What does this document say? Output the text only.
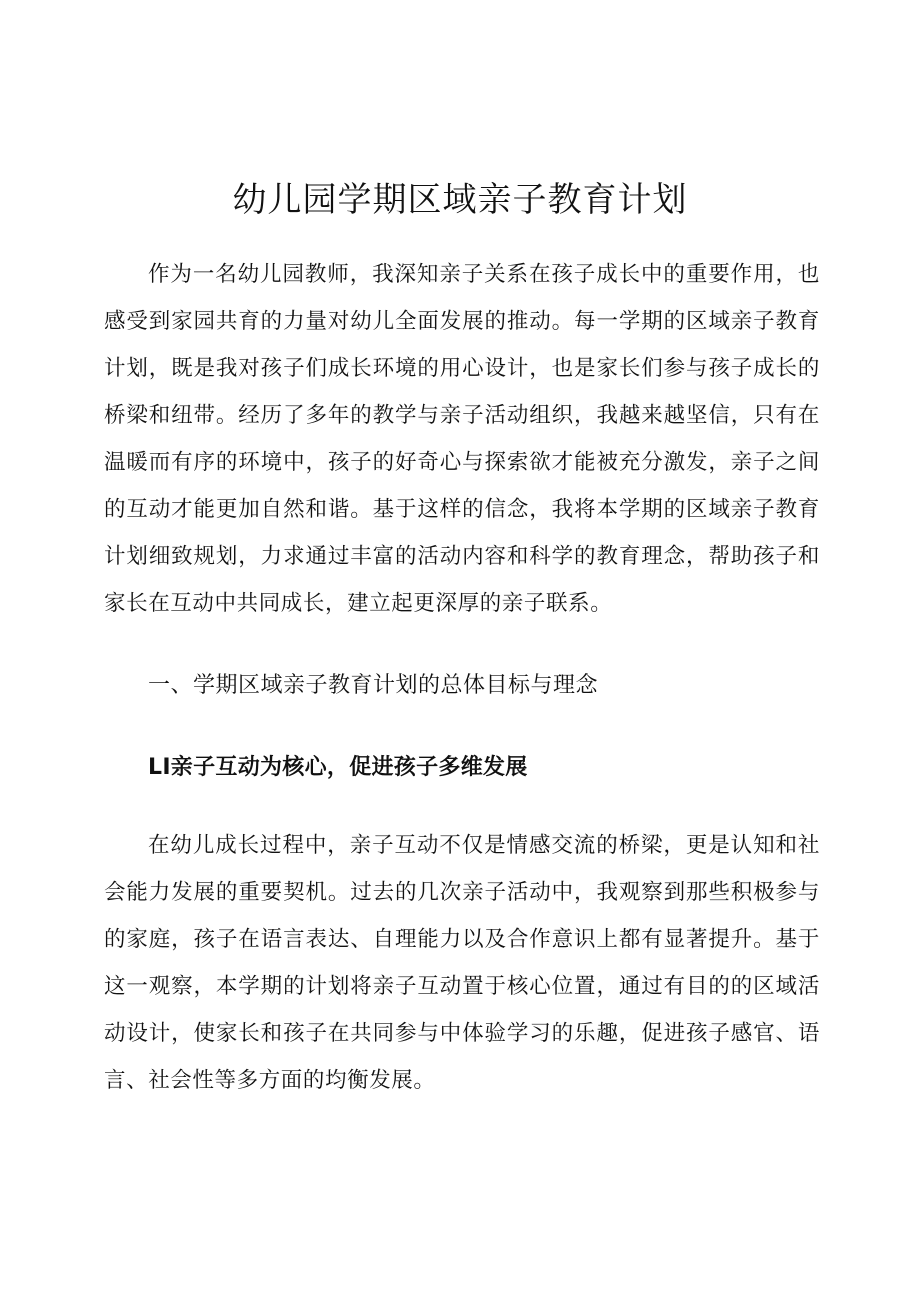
幼儿园学期区域亲子教育计划

作为一名幼儿园教师，我深知亲子关系在孩子成长中的重要作用，也感受到家园共育的力量对幼儿全面发展的推动。每一学期的区域亲子教育计划，既是我对孩子们成长环境的用心设计，也是家长们参与孩子成长的桥梁和纽带。经历了多年的教学与亲子活动组织，我越来越坚信，只有在温暖而有序的环境中，孩子的好奇心与探索欲才能被充分激发，亲子之间的互动才能更加自然和谐。基于这样的信念，我将本学期的区域亲子教育计划细致规划，力求通过丰富的活动内容和科学的教育理念，帮助孩子和家长在互动中共同成长，建立起更深厚的亲子联系。

一、学期区域亲子教育计划的总体目标与理念
LI亲子互动为核心，促进孩子多维发展

在幼儿成长过程中，亲子互动不仅是情感交流的桥梁，更是认知和社会能力发展的重要契机。过去的几次亲子活动中，我观察到那些积极参与的家庭，孩子在语言表达、自理能力以及合作意识上都有显著提升。基于这一观察，本学期的计划将亲子互动置于核心位置，通过有目的的区域活动设计，使家长和孩子在共同参与中体验学习的乐趣，促进孩子感官、语言、社会性等多方面的均衡发展。
